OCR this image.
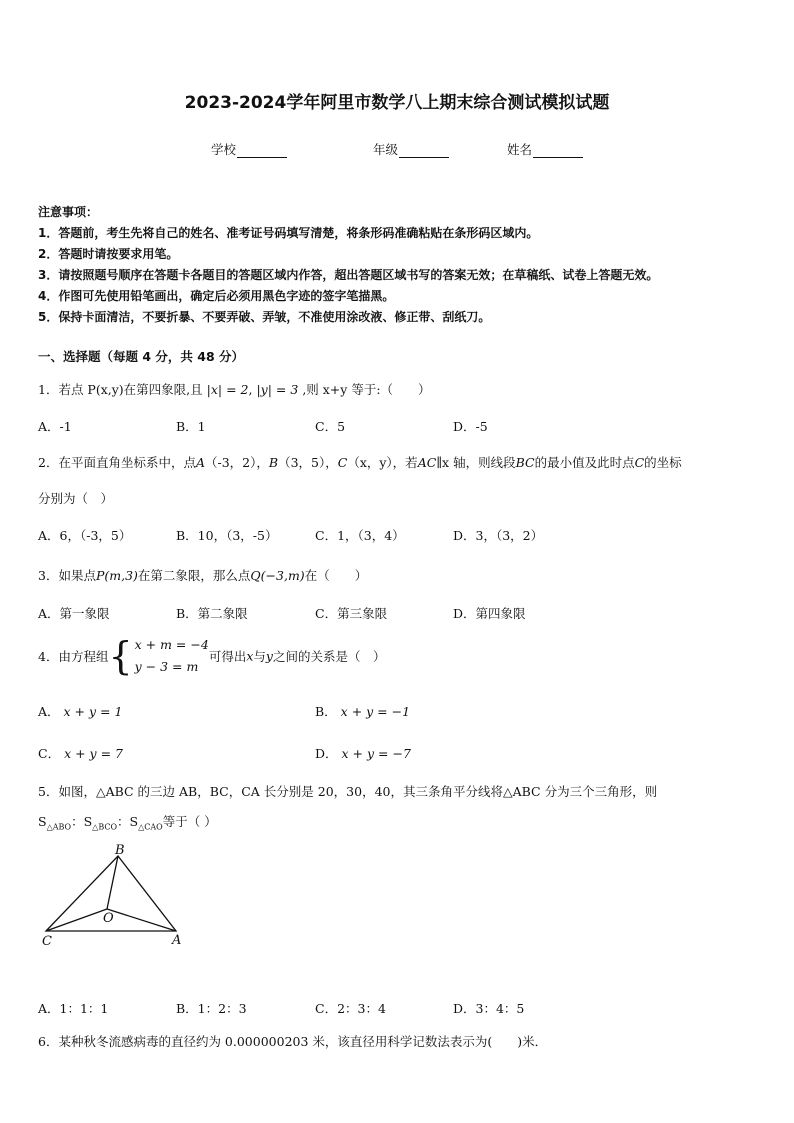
2023-2024学年阿里市数学八上期末综合测试模拟试题
学校	年级	姓名
注意事项：
1．答题前，考生先将自己的姓名、准考证号码填写清楚，将条形码准确粘贴在条形码区域内。
2．答题时请按要求用笔。
3．请按照题号顺序在答题卡各题目的答题区域内作答，超出答题区域书写的答案无效；在草稿纸、试卷上答题无效。
4．作图可先使用铅笔画出，确定后必须用黑色字迹的签字笔描黑。
5．保持卡面清洁，不要折暴、不要弄破、弄皱，不准使用涂改液、修正带、刮纸刀。
一、选择题（每题 4 分，共 48 分）
1．若点 P(x,y)在第四象限,且 |x| = 2, |y| = 3 ,则 x+y 等于:（　　）
A．-1	B．1	C．5	D．-5
2．在平面直角坐标系中，点A（-3，2），B（3，5），C（x，y），若AC∥x 轴，则线段BC的最小值及此时点C的坐标
分别为（　）
A．6，（-3，5）	B．10，（3，-5）	C．1，（3，4）	D．3，（3，2）
3．如果点P(m,3)在第二象限，那么点Q(−3,m)在（　　）
A．第一象限	B．第二象限	C．第三象限	D．第四象限
4．由方程组{ x + m = −4
y − 3 = m
可得出x与y之间的关系是（　）
A． x + y = 1	B． x + y = −1
C． x + y = 7	D． x + y = −7
5．如图，△ABC 的三边 AB，BC，CA 长分别是 20，30，40，其三条角平分线将△ABC 分为三个三角形，则
$S_{\triangle ABO}$：$S_{\triangle BCO}$：$S_{\triangle CAO}$等于（ ）
B
O
C	A
A．1：1：1	B．1：2：3	C．2：3：4	D．3：4：5
6．某种秋冬流感病毒的直径约为 0.000000203 米，该直径用科学记数法表示为(　　)米．
